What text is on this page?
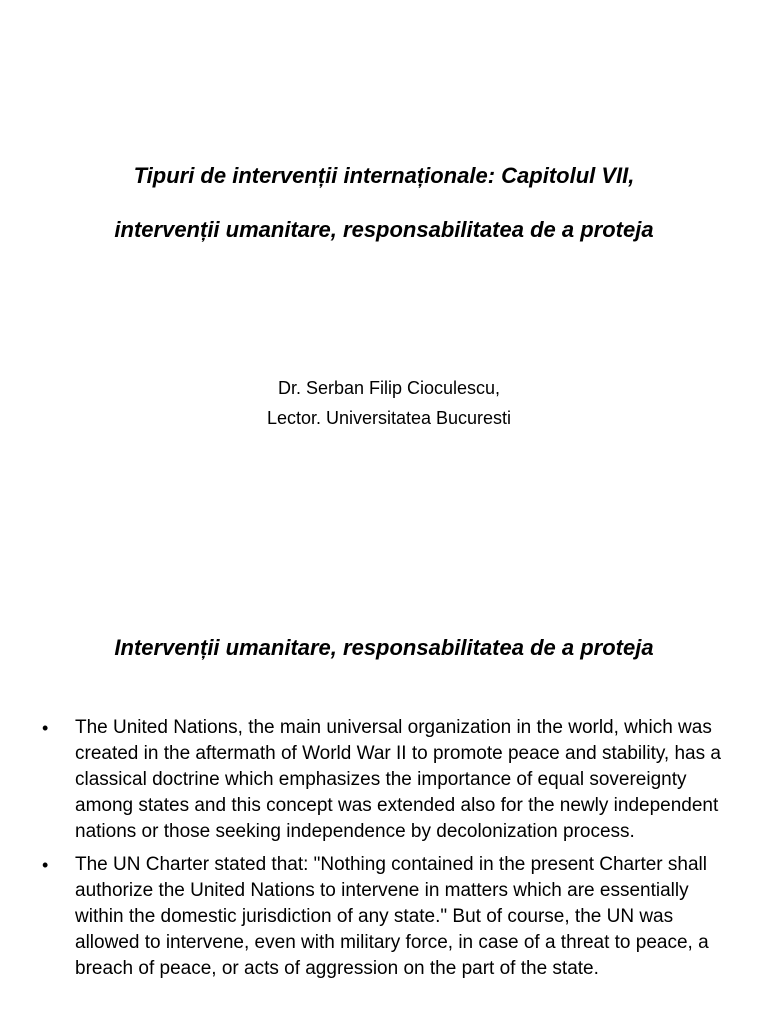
Tipuri de intervenții internaționale: Capitolul VII,
intervenții umanitare, responsabilitatea de a proteja
Dr. Serban Filip Cioculescu,
Lector. Universitatea Bucuresti
Intervenții umanitare, responsabilitatea de a proteja
• The United Nations, the main universal organization in the world, which was created in the aftermath of World War II to promote peace and stability, has a classical doctrine which emphasizes the importance of equal sovereignty among states and this concept was extended also for the newly independent nations or those seeking independence by decolonization process.
• The UN Charter stated that: "Nothing contained in the present Charter shall authorize the United Nations to intervene in matters which are essentially within the domestic jurisdiction of any state." But of course, the UN was allowed to intervene, even with military force, in case of a threat to peace, a breach of peace, or acts of aggression on the part of the state.
